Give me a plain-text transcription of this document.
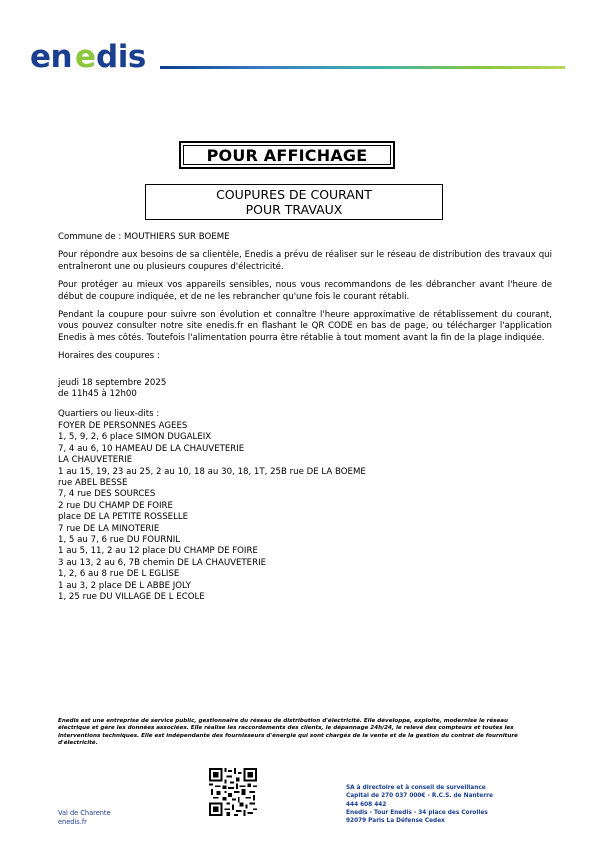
en e dis
POUR AFFICHAGE
COUPURES DE COURANT
POUR TRAVAUX

Commune de : MOUTHIERS SUR BOEME

Pour répondre aux besoins de sa clientèle, Enedis a prévu de réaliser sur le réseau de distribution des travaux qui entraîneront une ou plusieurs coupures d'électricité.

Pour protéger au mieux vos appareils sensibles, nous vous recommandons de les débrancher avant l'heure de début de coupure indiquée, et de ne les rebrancher qu'une fois le courant rétabli.

Pendant la coupure pour suivre son évolution et connaître l'heure approximative de rétablissement du courant, vous pouvez consulter notre site enedis.fr en flashant le QR CODE en bas de page, ou télécharger l'application Enedis à mes côtés. Toutefois l'alimentation pourra être rétablie à tout moment avant la fin de la plage indiquée.

Horaires des coupures :
jeudi 18 septembre 2025
de 11h45 à 12h00
Quartiers ou lieux-dits :
FOYER DE PERSONNES AGEES
1, 5, 9, 2, 6 place SIMON DUGALEIX
7, 4 au 6, 10 HAMEAU DE LA CHAUVETERIE
LA CHAUVETERIE
1 au 15, 19, 23 au 25, 2 au 10, 18 au 30, 18, 1T, 25B rue DE LA BOEME
rue ABEL BESSE
7, 4 rue DES SOURCES
2 rue DU CHAMP DE FOIRE
place DE LA PETITE ROSSELLE
7 rue DE LA MINOTERIE
1, 5 au 7, 6 rue DU FOURNIL
1 au 5, 11, 2 au 12 place DU CHAMP DE FOIRE
3 au 13, 2 au 6, 7B chemin DE LA CHAUVETERIE
1, 2, 6 au 8 rue DE L EGLISE
1 au 3, 2 place DE L ABBE JOLY
1, 25 rue DU VILLAGE DE L ECOLE
Enedis est une entreprise de service public, gestionnaire du réseau de distribution d'électricité. Elle développe, exploite, modernise le réseau électrique et gère les données associées. Elle réalise les raccordements des clients, le dépannage 24h/24, le relevé des compteurs et toutes les interventions techniques. Elle est indépendante des fournisseurs d'énergie qui sont chargés de la vente et de la gestion du contrat de fourniture d'électricité.
Val de Charente
enedis.fr
SA à directoire et à conseil de surveillance
Capital de 270 037 000€ - R.C.S. de Nanterre
444 608 442
Enedis - Tour Enedis - 34 place des Corolles
92079 Paris La Défense Cedex
